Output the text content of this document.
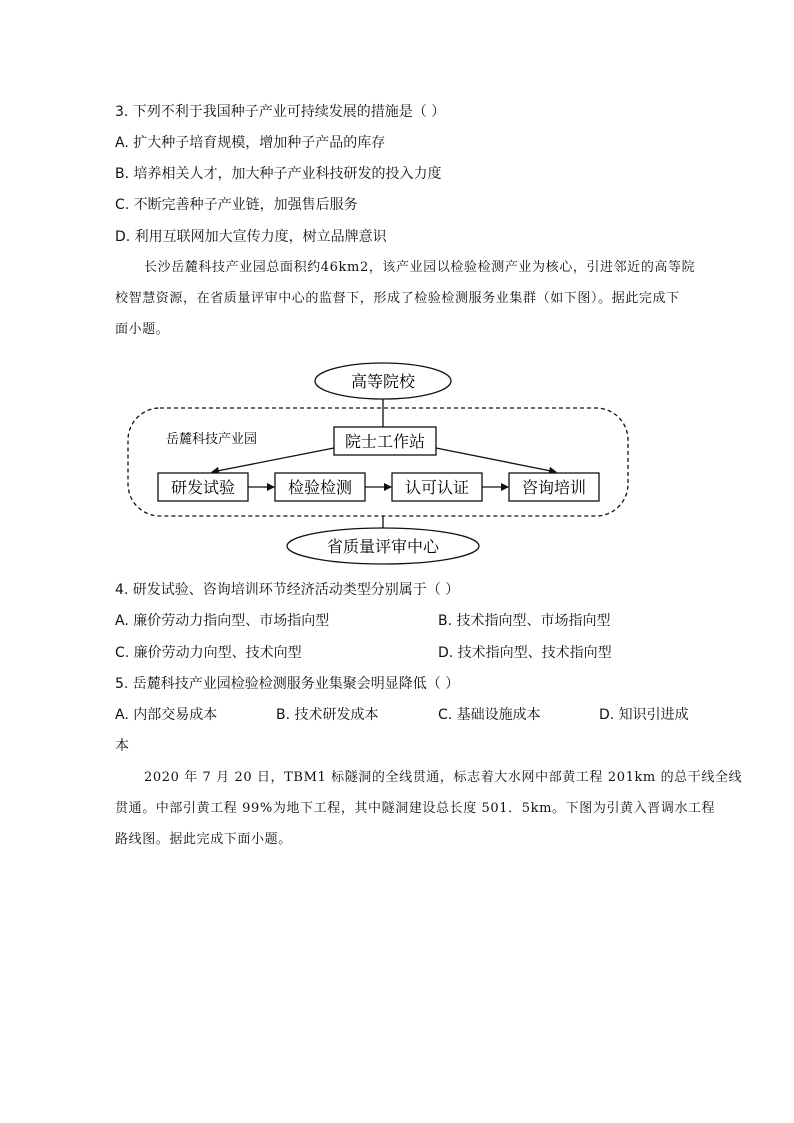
3. 下列不利于我国种子产业可持续发展的措施是（ ）
A. 扩大种子培育规模，增加种子产品的库存
B. 培养相关人才，加大种子产业科技研发的投入力度
C. 不断完善种子产业链，加强售后服务
D. 利用互联网加大宣传力度，树立品牌意识
长沙岳麓科技产业园总面积约46km2，该产业园以检验检测产业为核心，引进邻近的高等院
校智慧资源，在省质量评审中心的监督下，形成了检验检测服务业集群（如下图）。据此完成下
面小题。
高等院校
岳麓科技产业园	院士工作站
研发试验	检验检测	认可认证	咨询培训
省质量评审中心
4. 研发试验、咨询培训环节经济活动类型分别属于（ ）
A. 廉价劳动力指向型、市场指向型	B. 技术指向型、市场指向型
C. 廉价劳动力向型、技术向型	D. 技术指向型、技术指向型
5. 岳麓科技产业园检验检测服务业集聚会明显降低（ ）
A. 内部交易成本	B. 技术研发成本	C. 基础设施成本	D. 知识引进成
本
2020 年 7 月 20 日，TBM1 标隧洞的全线贯通，标志着大水网中部黄工程 201km 的总干线全线
贯通。中部引黄工程 99%为地下工程，其中隧洞建设总长度 501．5km。下图为引黄入晋调水工程
路线图。据此完成下面小题。
